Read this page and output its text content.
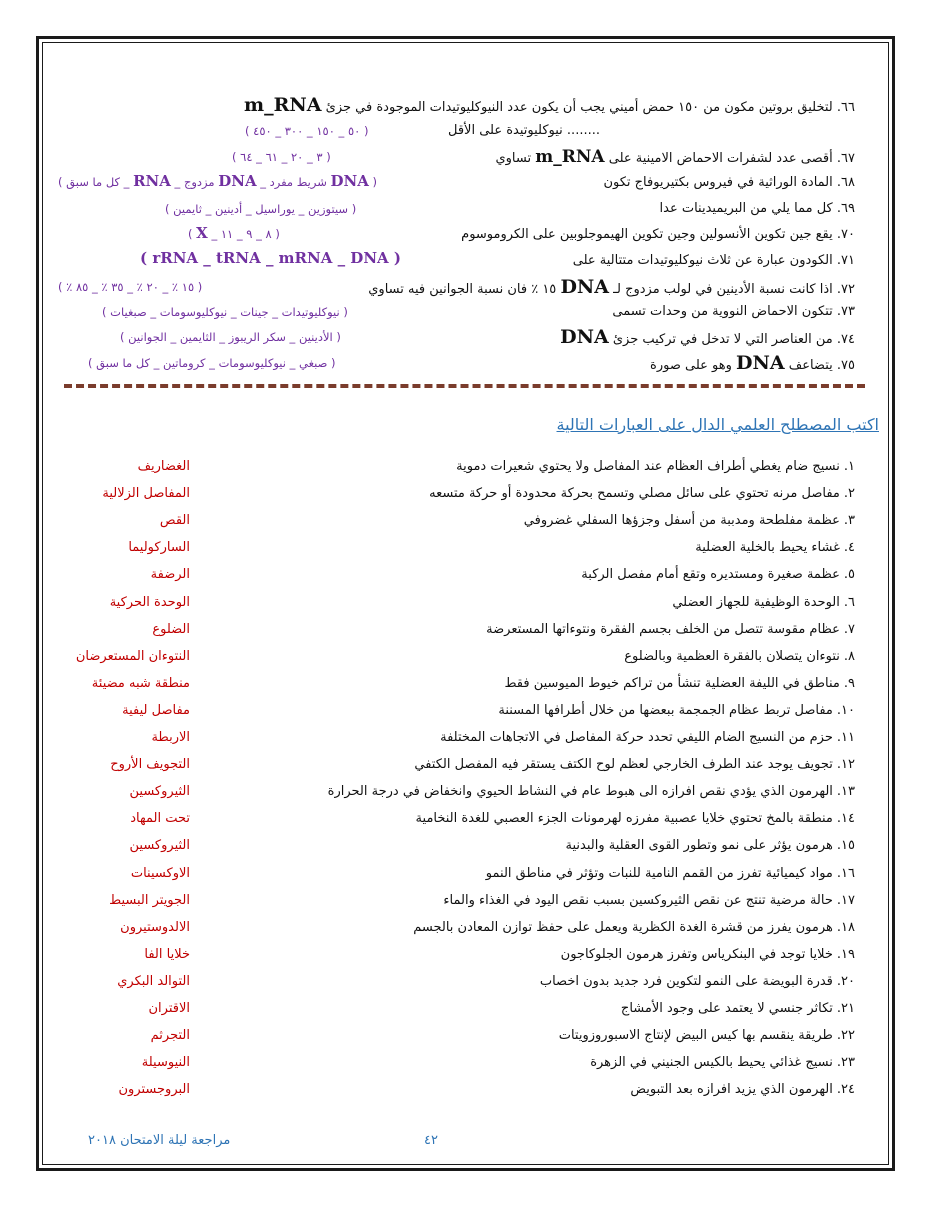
٦٦. لتخليق بروتين مكون من ١٥٠ حمض أميني يجب أن يكون عدد النيوكليوتيدات الموجودة في جزئ m_RNA
........ نيوكليوتيدة على الأقل
( ٥٠ _ ١٥٠ _ ٣٠٠ _ ٤٥٠ )
٦٧. أقصى عدد لشفرات الاحماض الامينية على m_RNA تساوي
( ٣ _ ٢٠ _ ٦١ _ ٦٤ )
٦٨. المادة الوراثية في فيروس بكتيريوفاج تكون
( DNA شريط مفرد _ DNA مزدوج _ RNA _ كل ما سبق )
٦٩. كل مما يلي من البريميدينات عدا
( سيتوزين _ يوراسيل _ أدينين _ ثايمين )
٧٠. يقع جين تكوين الأنسولين وجين تكوين الهيموجلوبين على الكروموسوم
( ٨ _ ٩ _ ١١ _ X )
٧١. الكودون عبارة عن ثلاث نيوكليوتيدات متتالية على
( rRNA _ tRNA _ mRNA _ DNA )
٧٢. اذا كانت نسبة الأدينين في لولب مزدوج لـ DNA ١٥ ٪ فان نسبة الجوانين فيه تساوي
( ١٥ ٪ _ ٢٠ ٪ _ ٣٥ ٪ _ ٨٥ ٪ )
٧٣. تتكون الاحماض النووية من وحدات تسمى
( نيوكليوتيدات _ جينات _ نيوكليوسومات _ صبغيات )
٧٤. من العناصر التي لا تدخل في تركيب جزئ DNA
( الأدينين _ سكر الريبوز _ الثايمين _ الجوانين )
٧٥. يتضاعف DNA وهو على صورة
( صبغي _ نيوكليوسومات _ كروماتين _ كل ما سبق )
اكتب المصطلح العلمي الدال على العبارات التالية
١.نسيج ضام يغطي أطراف العظام عند المفاصل ولا يحتوي شعيرات دموية
الغضاريف
٢.مفاصل مرنه تحتوي على سائل مصلي وتسمح بحركة محدودة أو حركة متسعه
المفاصل الزلالية
٣.عظمة مفلطحة ومدببة من أسفل وجزؤها السفلي غضروفي
القص
٤.غشاء يحيط بالخلية العضلية
الساركوليما
٥.عظمة صغيرة ومستديره وتقع أمام مفصل الركبة
الرضفة
٦.الوحدة الوظيفية للجهاز العضلي
الوحدة الحركية
٧.عظام مقوسة تتصل من الخلف بجسم الفقرة ونتوءاتها المستعرضة
الضلوع
٨.نتوءان يتصلان بالفقرة العظمية وبالضلوع
النتوءان المستعرضان
٩.مناطق في الليفة العضلية تنشأ من تراكم خيوط الميوسين فقط
منطقة شبه مضيئة
١٠.مفاصل تربط عظام الجمجمة ببعضها من خلال أطرافها المسننة
مفاصل ليفية
١١.حزم من النسيج الضام الليفي تحدد حركة المفاصل في الاتجاهات المختلفة
الاربطة
١٢.تجويف يوجد عند الطرف الخارجي لعظم لوح الكتف يستقر فيه المفصل الكتفي
التجويف الأروح
١٣.الهرمون الذي يؤدي نقص افرازه الى هبوط عام في النشاط الحيوي وانخفاض في درجة الحرارة
الثيروكسين
١٤.منطقة بالمخ تحتوي خلايا عصبية مفرزه لهرمونات الجزء العصبي للغدة النخامية
تحت المهاد
١٥.هرمون يؤثر على نمو وتطور القوى العقلية والبدنية
الثيروكسين
١٦.مواد كيميائية تفرز من القمم النامية للنبات وتؤثر في مناطق النمو
الاوكسينات
١٧.حالة مرضية تنتج عن نقص الثيروكسين بسبب نقص اليود في الغذاء والماء
الجويتر البسيط
١٨.هرمون يفرز من قشرة الغدة الكظرية ويعمل على حفظ توازن المعادن بالجسم
الالدوستيرون
١٩.خلايا توجد في البنكرياس وتفرز هرمون الجلوكاجون
خلايا الفا
٢٠.قدرة البويضة على النمو لتكوين فرد جديد بدون اخصاب
التوالد البكري
٢١.تكاثر جنسي لا يعتمد على وجود الأمشاج
الاقتران
٢٢.طريقة ينقسم بها كيس البيض لإنتاج الاسبوروزويتات
التجرثم
٢٣.نسيج غذائي يحيط بالكيس الجنيني في الزهرة
النيوسيلة
٢٤.الهرمون الذي يزيد افرازه بعد التبويض
البروجسترون
مراجعة ليلة الامتحان ٢٠١٨	٤٢
